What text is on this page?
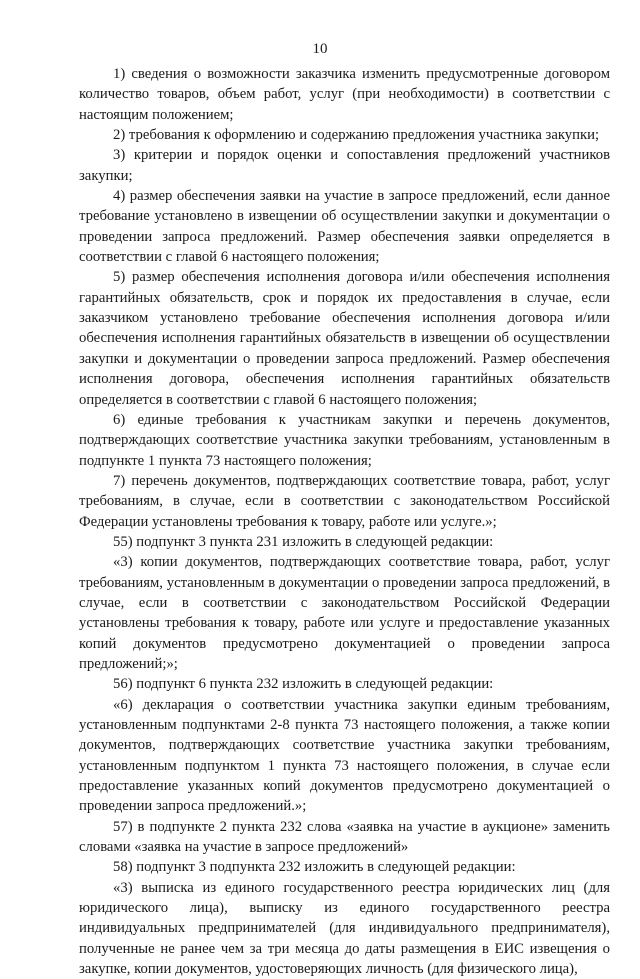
10

1) сведения о возможности заказчика изменить предусмотренные договором количество товаров, объем работ, услуг (при необходимости) в соответствии с настоящим положением;

2) требования к оформлению и содержанию предложения участника закупки;

3) критерии и порядок оценки и сопоставления предложений участников закупки;

4) размер обеспечения заявки на участие в запросе предложений, если данное требование установлено в извещении об осуществлении закупки и документации о проведении запроса предложений. Размер обеспечения заявки определяется в соответствии с главой 6 настоящего положения;

5) размер обеспечения исполнения договора и/или обеспечения исполнения гарантийных обязательств, срок и порядок их предоставления в случае, если заказчиком установлено требование обеспечения исполнения договора и/или обеспечения исполнения гарантийных обязательств в извещении об осуществлении закупки и документации о проведении запроса предложений. Размер обеспечения исполнения договора, обеспечения исполнения гарантийных обязательств определяется в соответствии с главой 6 настоящего положения;

6) единые требования к участникам закупки и перечень документов, подтверждающих соответствие участника закупки требованиям, установленным в подпункте 1 пункта 73 настоящего положения;

7) перечень документов, подтверждающих соответствие товара, работ, услуг требованиям, в случае, если в соответствии с законодательством Российской Федерации установлены требования к товару, работе или услуге.»;

55) подпункт 3 пункта 231 изложить в следующей редакции:

«3) копии документов, подтверждающих соответствие товара, работ, услуг требованиям, установленным в документации о проведении запроса предложений, в случае, если в соответствии с законодательством Российской Федерации установлены требования к товару, работе или услуге и предоставление указанных копий документов предусмотрено документацией о проведении запроса предложений;»;

56) подпункт 6 пункта 232 изложить в следующей редакции:

«6) декларация о соответствии участника закупки единым требованиям, установленным подпунктами 2-8 пункта 73 настоящего положения, а также копии документов, подтверждающих соответствие участника закупки требованиям, установленным подпунктом 1 пункта 73 настоящего положения, в случае если предоставление указанных копий документов предусмотрено документацией о проведении запроса предложений.»;

57) в подпункте 2 пункта 232 слова «заявка на участие в аукционе» заменить словами «заявка на участие в запросе предложений»

58) подпункт 3 подпункта 232 изложить в следующей редакции:

«3) выписка из единого государственного реестра юридических лиц (для юридического лица), выписку из единого государственного реестра индивидуальных предпринимателей (для индивидуального предпринимателя), полученные не ранее чем за три месяца до даты размещения в ЕИС извещения о закупке, копии документов, удостоверяющих личность (для физического лица),
